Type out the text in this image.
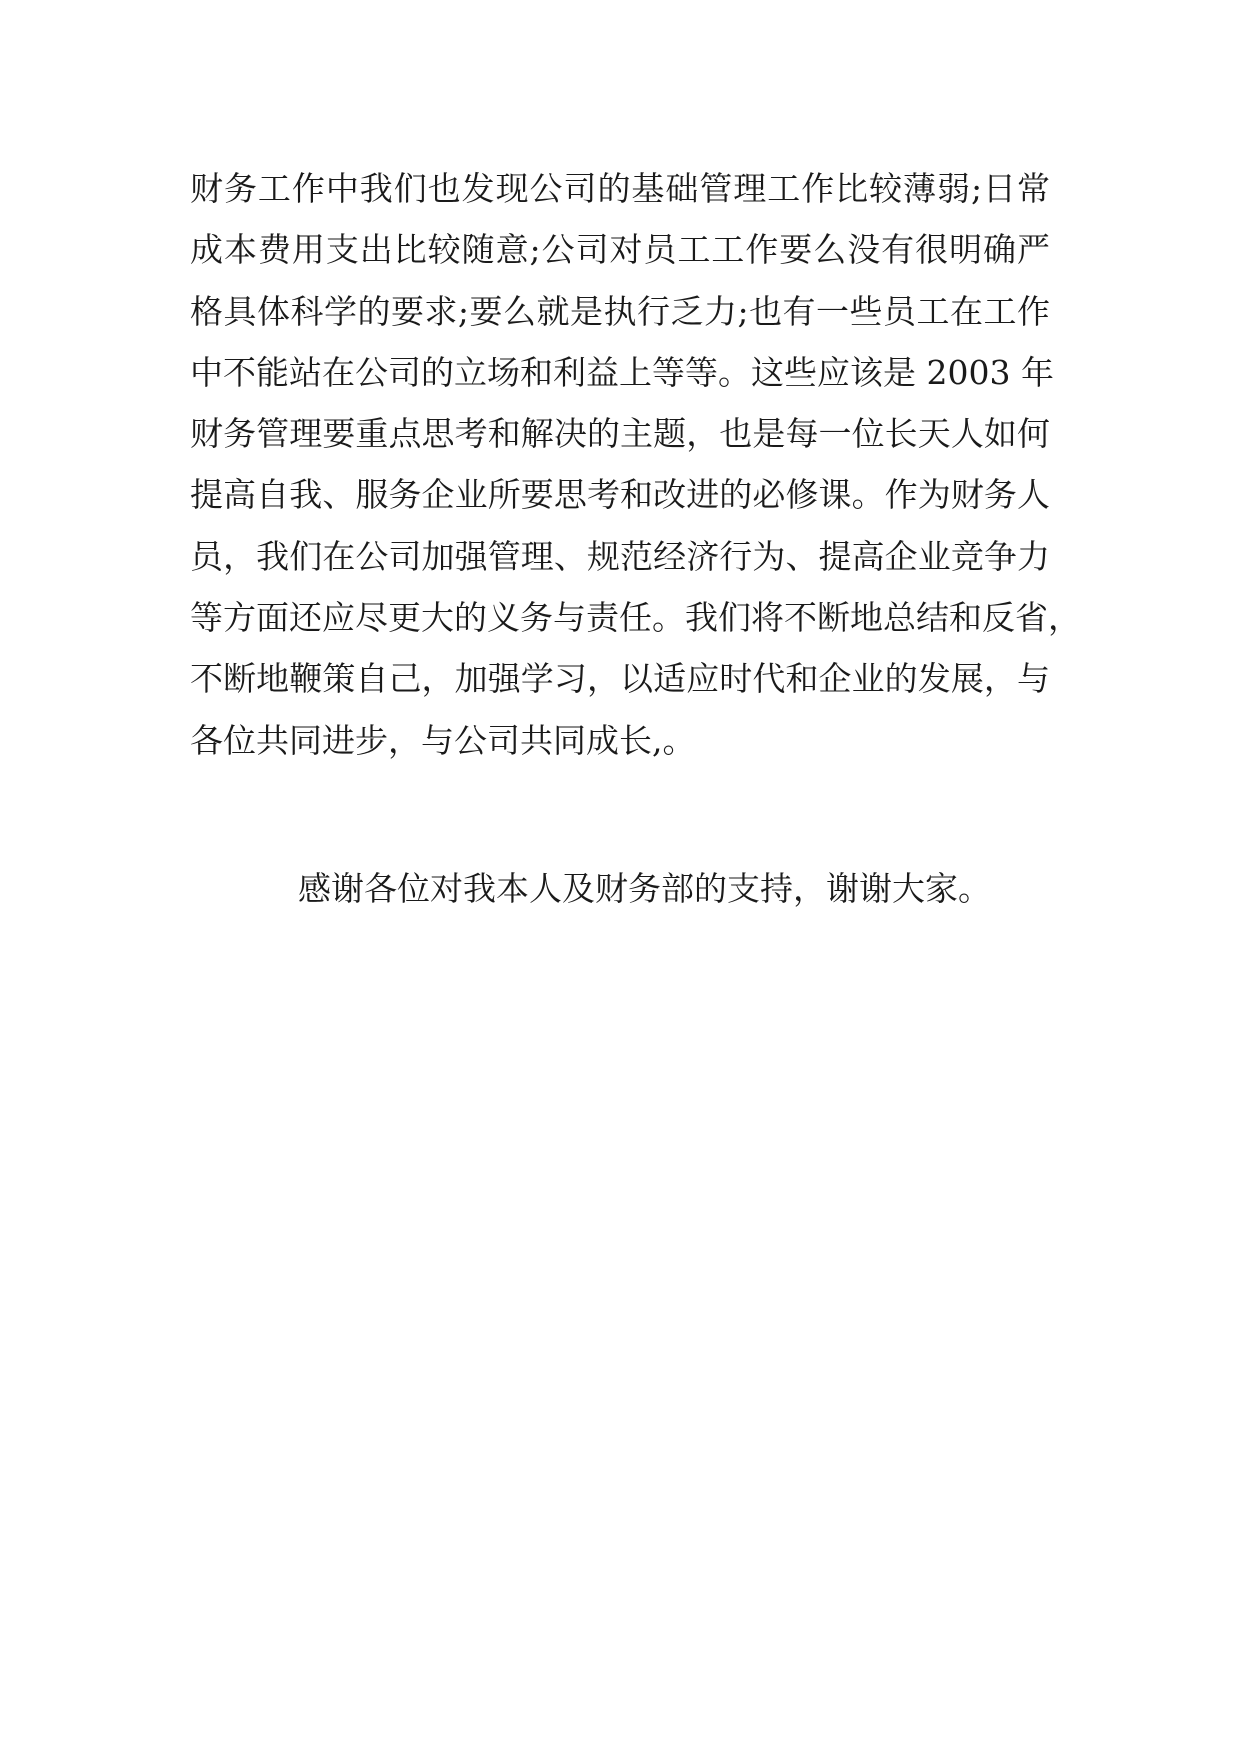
财务工作中我们也发现公司的基础管理工作比较薄弱;日常
成本费用支出比较随意;公司对员工工作要么没有很明确严
格具体科学的要求;要么就是执行乏力;也有一些员工在工作
中不能站在公司的立场和利益上等等。这些应该是 2003 年
财务管理要重点思考和解决的主题，也是每一位长天人如何
提高自我、服务企业所要思考和改进的必修课。作为财务人
员，我们在公司加强管理、规范经济行为、提高企业竞争力
等方面还应尽更大的义务与责任。我们将不断地总结和反省，
不断地鞭策自己，加强学习，以适应时代和企业的发展，与
各位共同进步，与公司共同成长,。
感谢各位对我本人及财务部的支持，谢谢大家。
